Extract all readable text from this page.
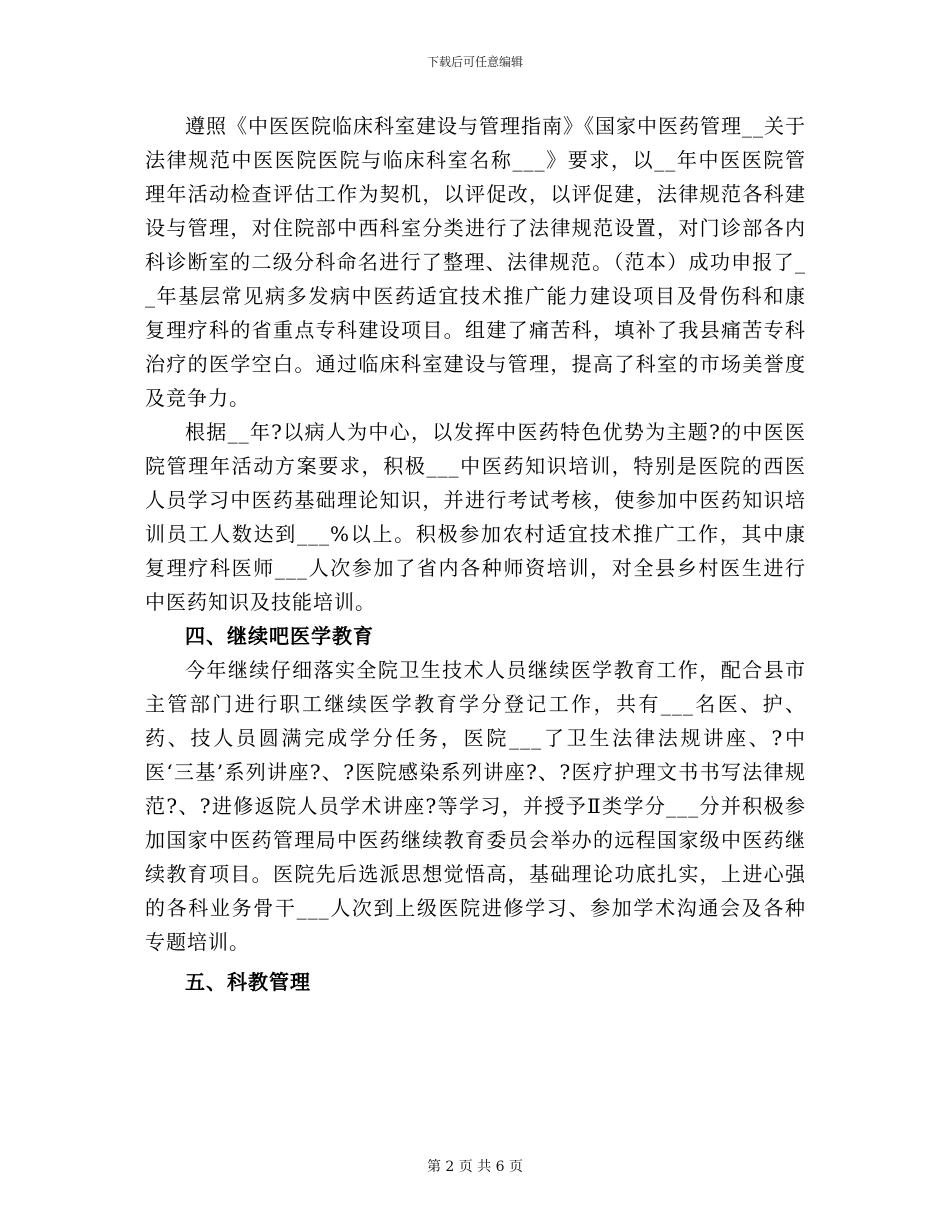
下载后可任意编辑

遵照《中医医院临床科室建设与管理指南》《国家中医药管理__关于法律规范中医医院医院与临床科室名称___》要求，以__年中医医院管理年活动检查评估工作为契机，以评促改，以评促建，法律规范各科建设与管理，对住院部中西科室分类进行了法律规范设置，对门诊部各内科诊断室的二级分科命名进行了整理、法律规范。（范本）成功申报了__年基层常见病多发病中医药适宜技术推广能力建设项目及骨伤科和康复理疗科的省重点专科建设项目。组建了痛苦科，填补了我县痛苦专科治疗的医学空白。通过临床科室建设与管理，提高了科室的市场美誉度及竞争力。

根据__年?以病人为中心，以发挥中医药特色优势为主题?的中医医院管理年活动方案要求，积极___中医药知识培训，特别是医院的西医人员学习中医药基础理论知识，并进行考试考核，使参加中医药知识培训员工人数达到___%以上。积极参加农村适宜技术推广工作，其中康复理疗科医师___人次参加了省内各种师资培训，对全县乡村医生进行中医药知识及技能培训。

四、继续吧医学教育

今年继续仔细落实全院卫生技术人员继续医学教育工作，配合县市主管部门进行职工继续医学教育学分登记工作，共有___名医、护、药、技人员圆满完成学分任务，医院___了卫生法律法规讲座、?中医‘三基’系列讲座?、?医院感染系列讲座?、?医疗护理文书书写法律规范?、?进修返院人员学术讲座?等学习，并授予Ⅱ类学分___分并积极参加国家中医药管理局中医药继续教育委员会举办的远程国家级中医药继续教育项目。医院先后选派思想觉悟高，基础理论功底扎实，上进心强的各科业务骨干___人次到上级医院进修学习、参加学术沟通会及各种专题培训。

五、科教管理

第 2 页 共 6 页
